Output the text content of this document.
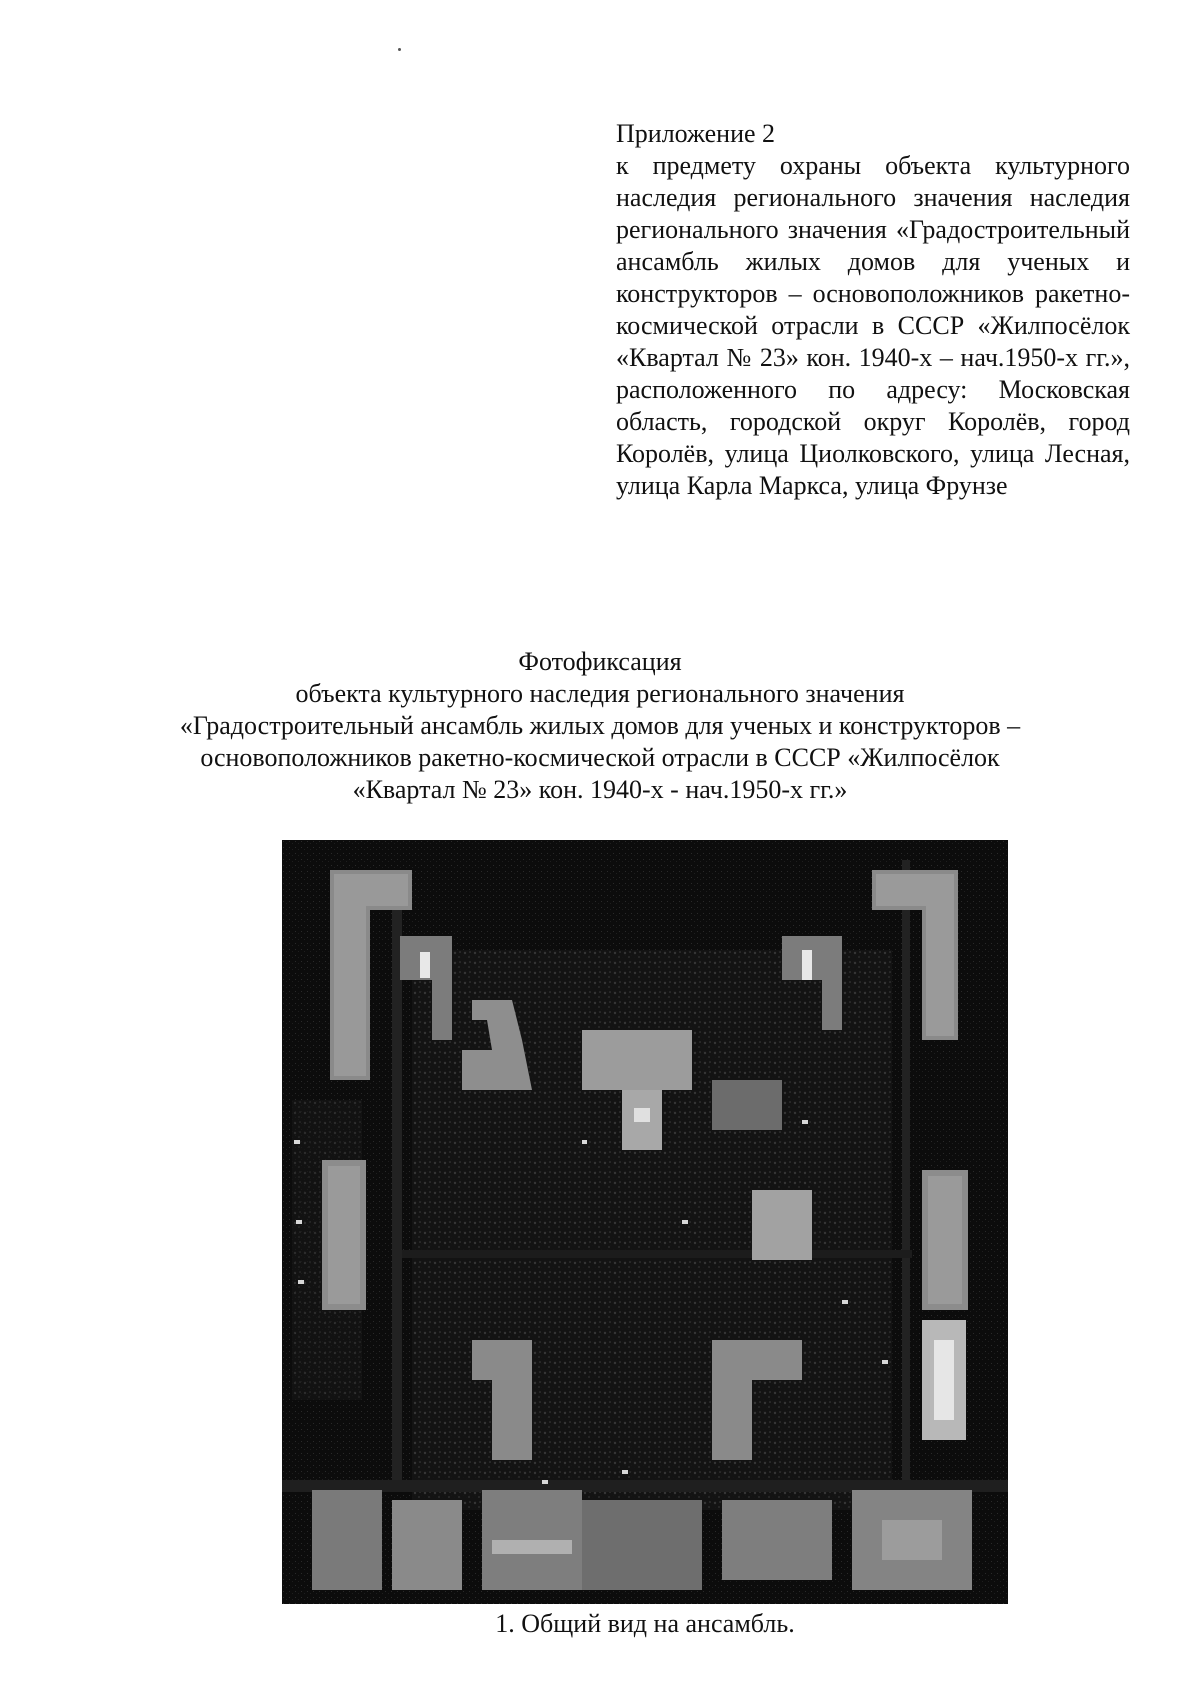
Приложение 2
к предмету охраны объекта культурного наследия регионального значения наследия регионального значения «Градостроительный ансамбль жилых домов для ученых и конструкторов – основоположников ракетно-космической отрасли в СССР «Жилпосёлок «Квартал № 23» кон. 1940-х – нач.1950-х гг.», расположенного по адресу: Московская область, городской округ Королёв, город Королёв, улица Циолковского, улица Лесная, улица Карла Маркса, улица Фрунзе
Фотофиксация
объекта культурного наследия регионального значения
«Градостроительный ансамбль жилых домов для ученых и конструкторов –
основоположников ракетно-космической отрасли в СССР «Жилпосёлок
«Квартал № 23» кон. 1940-х - нач.1950-х гг.»
1. Общий вид на ансамбль.
